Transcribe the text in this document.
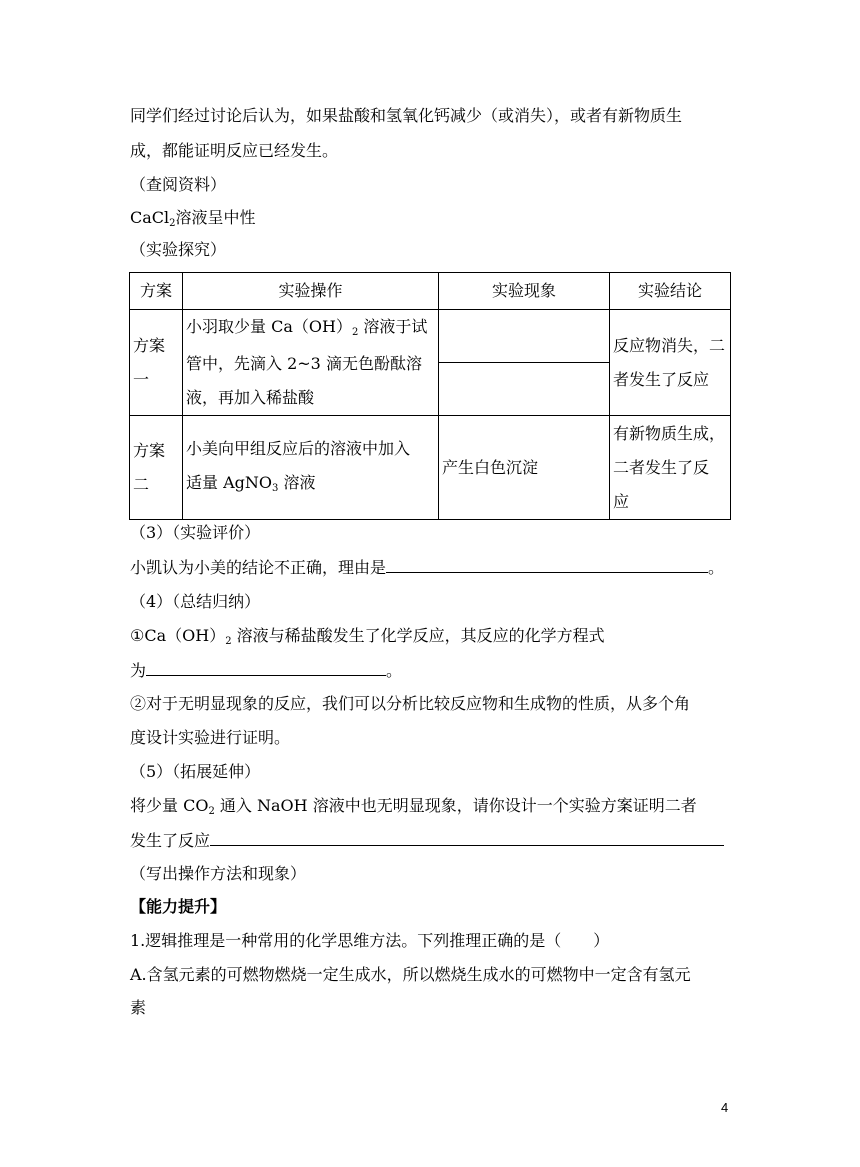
同学们经过讨论后认为，如果盐酸和氢氧化钙减少（或消失），或者有新物质生
成，都能证明反应已经发生。
（查阅资料）
CaCl$_2$溶液呈中性
（实验探究）
方案	实验操作	实验现象	实验结论
方案
一	小羽取少量 $Ca(OH)_2$ 溶液于试
管中，先滴入 2~3 滴无色酚酞溶
液，再加入稀盐酸		反应物消失，二
者发生了反应
方案
二	小美向甲组反应后的溶液中加入
适量 AgNO$_3$ 溶液	产生白色沉淀	有新物质生成，
二者发生了反
应
（3）（实验评价）
小凯认为小美的结论不正确，理由是	。
（4）（总结归纳）
$①Ca(OH)_2$ 溶液与稀盐酸发生了化学反应，其反应的化学方程式
为	。
②对于无明显现象的反应，我们可以分析比较反应物和生成物的性质，从多个角
度设计实验进行证明。
（5）（拓展延伸）
将少量 $CO_2$ 通入 NaOH 溶液中也无明显现象，请你设计一个实验方案证明二者
发生了反应
（写出操作方法和现象）
【能力提升】
1.逻辑推理是一种常用的化学思维方法。下列推理正确的是（　　）
A.含氢元素的可燃物燃烧一定生成水，所以燃烧生成水的可燃物中一定含有氢元
素
4
